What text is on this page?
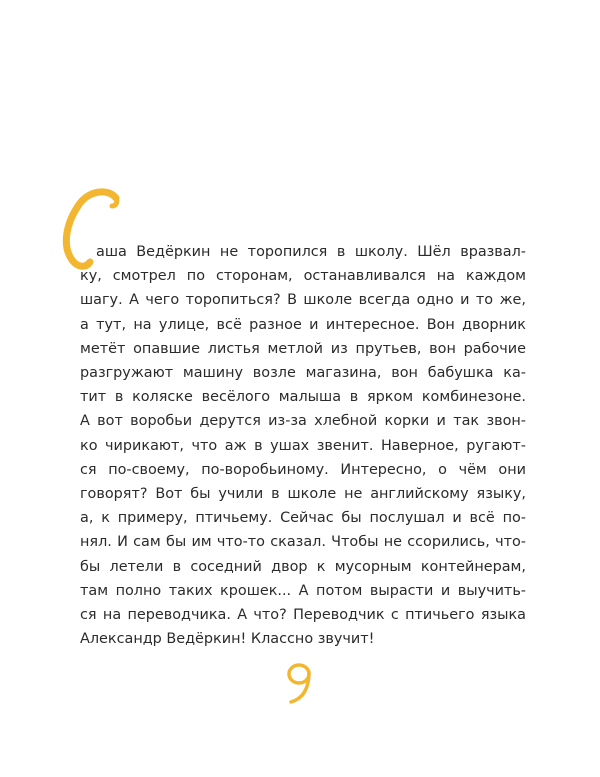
аша Ведёркин не торопился в школу. Шёл вразвал-
ку, смотрел по сторонам, останавливался на каждом
шагу. А чего торопиться? В школе всегда одно и то же,
а тут, на улице, всё разное и интересное. Вон дворник
метёт опавшие листья метлой из прутьев, вон рабочие
разгружают машину возле магазина, вон бабушка ка-
тит в коляске весёлого малыша в ярком комбинезоне.
А вот воробьи дерутся из-за хлебной корки и так звон-
ко чирикают, что аж в ушах звенит. Наверное, ругают-
ся по-своему, по-воробьиному. Интересно, о чём они
говорят? Вот бы учили в школе не английскому языку,
а, к примеру, птичьему. Сейчас бы послушал и всё по-
нял. И сам бы им что-то сказал. Чтобы не ссорились, что-
бы летели в соседний двор к мусорным контейнерам,
там полно таких крошек... А потом вырасти и выучить-
ся на переводчика. А что? Переводчик с птичьего языка
Александр Ведёркин! Классно звучит!
